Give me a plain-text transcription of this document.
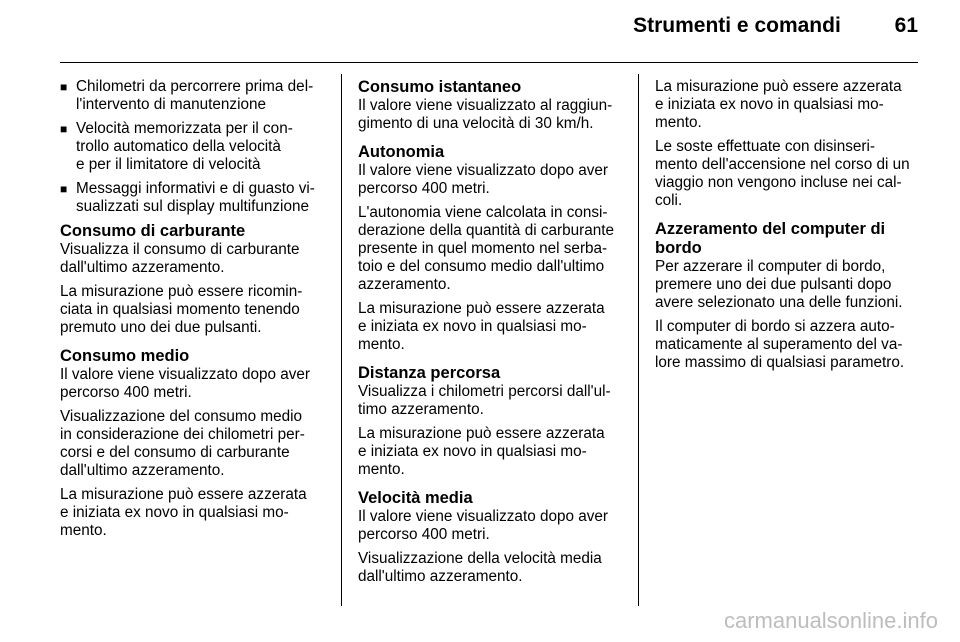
Strumenti e comandi	61
■ Chilometri da percorrere prima del-
l'intervento di manutenzione
■ Velocità memorizzata per il con-
trollo automatico della velocità
e per il limitatore di velocità
■ Messaggi informativi e di guasto vi-
sualizzati sul display multifunzione
Consumo di carburante

Visualizza il consumo di carburante
dall'ultimo azzeramento.

La misurazione può essere ricomin-
ciata in qualsiasi momento tenendo
premuto uno dei due pulsanti.

Consumo medio

Il valore viene visualizzato dopo aver
percorso 400 metri.

Visualizzazione del consumo medio
in considerazione dei chilometri per-
corsi e del consumo di carburante
dall'ultimo azzeramento.

La misurazione può essere azzerata
e iniziata ex novo in qualsiasi mo-
mento.

Consumo istantaneo

Il valore viene visualizzato al raggiun-
gimento di una velocità di 30 km/h.

Autonomia

Il valore viene visualizzato dopo aver
percorso 400 metri.

L'autonomia viene calcolata in consi-
derazione della quantità di carburante
presente in quel momento nel serba-
toio e del consumo medio dall'ultimo
azzeramento.

La misurazione può essere azzerata
e iniziata ex novo in qualsiasi mo-
mento.

Distanza percorsa

Visualizza i chilometri percorsi dall'ul-
timo azzeramento.

La misurazione può essere azzerata
e iniziata ex novo in qualsiasi mo-
mento.

Velocità media

Il valore viene visualizzato dopo aver
percorso 400 metri.

Visualizzazione della velocità media
dall'ultimo azzeramento.

La misurazione può essere azzerata
e iniziata ex novo in qualsiasi mo-
mento.

Le soste effettuate con disinseri-
mento dell'accensione nel corso di un
viaggio non vengono incluse nei cal-
coli.

Azzeramento del computer di
bordo

Per azzerare il computer di bordo,
premere uno dei due pulsanti dopo
avere selezionato una delle funzioni.

Il computer di bordo si azzera auto-
maticamente al superamento del va-
lore massimo di qualsiasi parametro.

carmanualsonline.info
